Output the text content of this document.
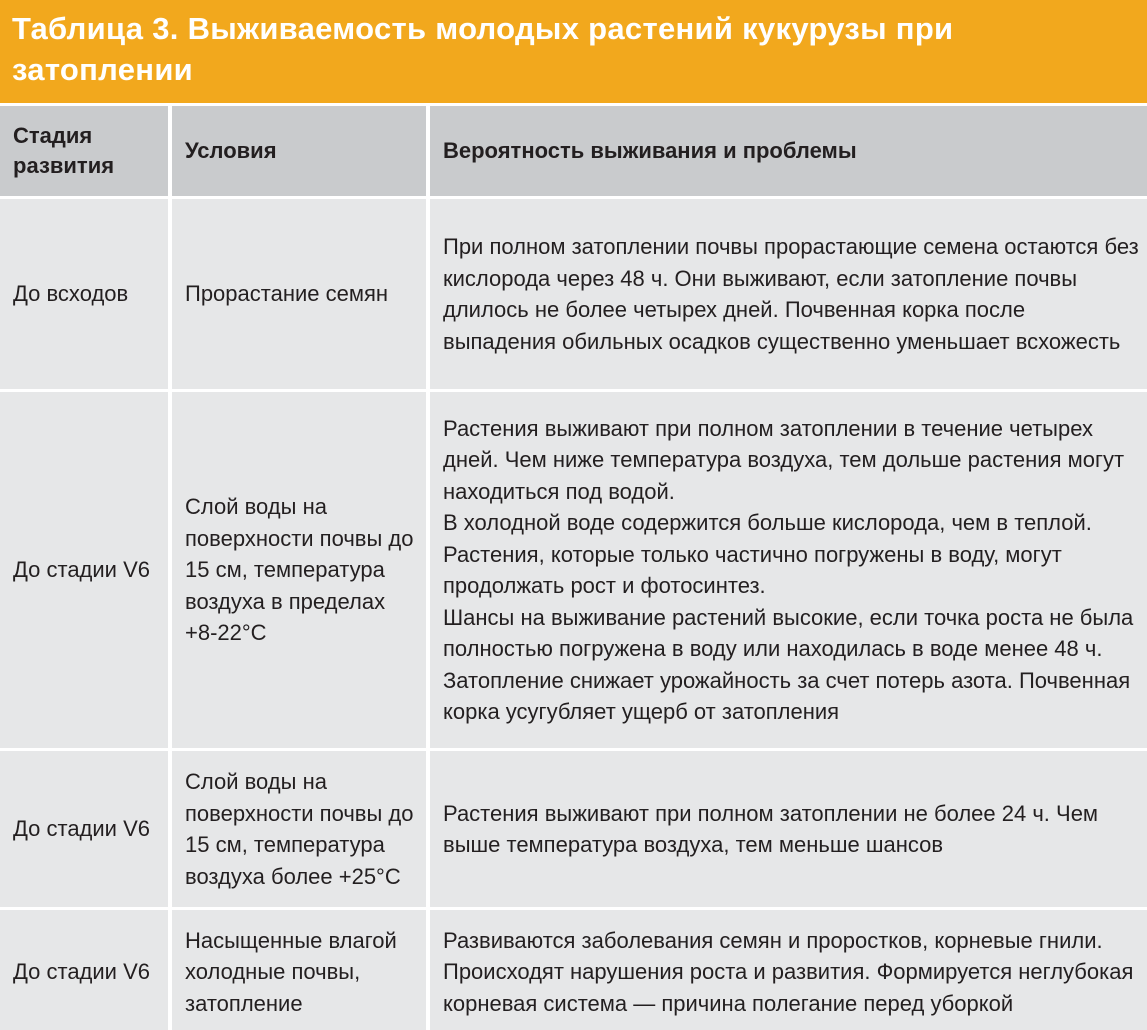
Таблица 3. Выживаемость молодых растений кукурузы при затоплении
Стадия развития	Условия	Вероятность выживания и проблемы
До всходов	Прорастание семян	При полном затоплении почвы прорастающие семена остаются без кислорода через 48 ч. Они выживают, если затопление почвы длилось не более четырех дней. Почвенная корка после выпадения обильных осадков существенно уменьшает всхожесть
До стадии V6	Слой воды на поверхности почвы до 15 см, температура воздуха в пределах +8-22°С	Растения выживают при полном затоплении в течение четырех дней. Чем ниже температура воздуха, тем дольше растения могут находиться под водой.
В холодной воде содержится больше кислорода, чем в теплой.
Растения, которые только частично погружены в воду, могут продолжать рост и фотосинтез.
Шансы на выживание растений высокие, если точка роста не была полностью погружена в воду или находилась в воде менее 48 ч.
Затопление снижает урожайность за счет потерь азота. Почвенная корка усугубляет ущерб от затопления

До стадии V6	Слой воды на поверхности почвы до 15 см, температура воздуха более +25°С	Растения выживают при полном затоплении не более 24 ч. Чем выше температура воздуха, тем меньше шансов
До стадии V6	Насыщенные влагой холодные почвы, затопление	Развиваются заболевания семян и проростков, корневые гнили. Происходят нарушения роста и развития. Формируется неглубокая корневая система — причина полегание перед уборкой
